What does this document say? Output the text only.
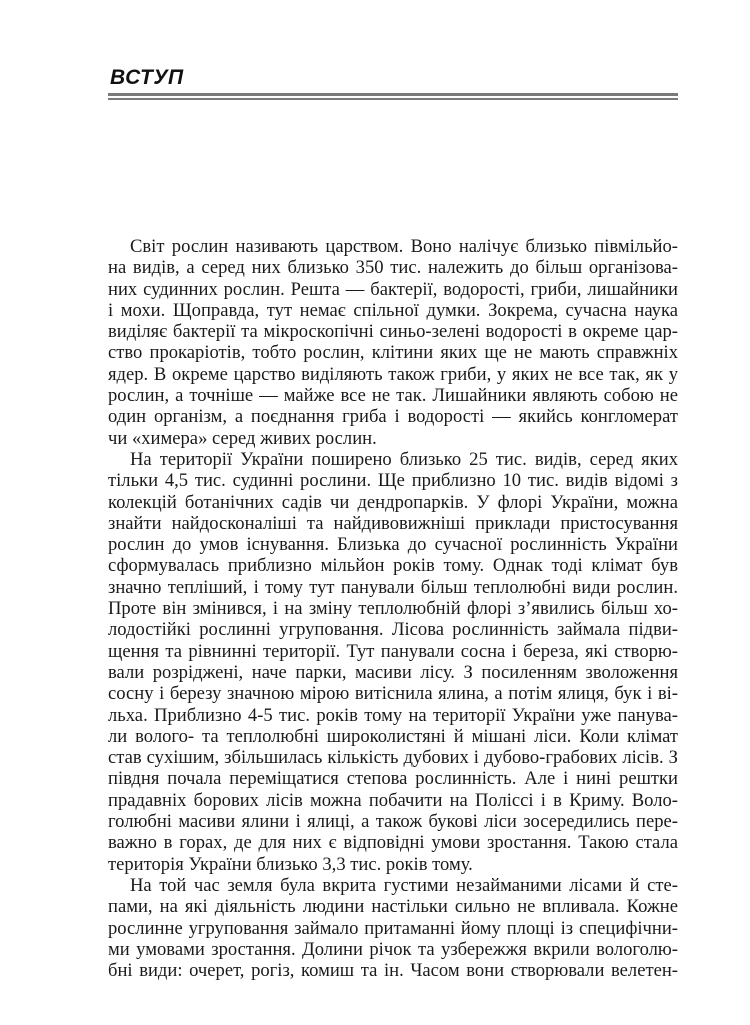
ВСТУП
Світ рослин називають царством. Воно налічує близько півмільйо-
на видів, а серед них близько 350 тис. належить до більш організова-
них судинних рослин. Решта — бактерії, водорості, гриби, лишайники
і мохи. Щоправда, тут немає спільної думки. Зокрема, сучасна наука
виділяє бактерії та мікроскопічні синьо-зелені водорості в окреме цар-
ство прокаріотів, тобто рослин, клітини яких ще не мають справжніх
ядер. В окреме царство виділяють також гриби, у яких не все так, як у
рослин, а точніше — майже все не так. Лишайники являють собою не
один організм, а поєднання гриба і водорості — якийсь конгломерат
чи «химера» серед живих рослин.
На території України поширено близько 25 тис. видів, серед яких
тільки 4,5 тис. судинні рослини. Ще приблизно 10 тис. видів відомі з
колекцій ботанічних садів чи дендропарків. У флорі України, можна
знайти найдосконаліші та найдивовижніші приклади пристосування
рослин до умов існування. Близька до сучасної рослинність України
сформувалась приблизно мільйон років тому. Однак тоді клімат був
значно тепліший, і тому тут панували більш теплолюбні види рослин.
Проте він змінився, і на зміну теплолюбній флорі з’явились більш хо-
лодостійкі рослинні угруповання. Лісова рослинність займала підви-
щення та рівнинні території. Тут панували сосна і береза, які створю-
вали розріджені, наче парки, масиви лісу. З посиленням зволоження
сосну і березу значною мірою витіснила ялина, а потім ялиця, бук і ві-
льха. Приблизно 4-5 тис. років тому на території України уже панува-
ли волого- та теплолюбні широколистяні й мішані ліси. Коли клімат
став сухішим, збільшилась кількість дубових і дубово-грабових лісів. З
півдня почала переміщатися степова рослинність. Але і нині рештки
прадавніх борових лісів можна побачити на Поліссі і в Криму. Воло-
голюбні масиви ялини і ялиці, а також букові ліси зосередились пере-
важно в горах, де для них є відповідні умови зростання. Такою стала
територія України близько 3,3 тис. років тому.
На той час земля була вкрита густими незайманими лісами й сте-
пами, на які діяльність людини настільки сильно не впливала. Кожне
рослинне угруповання займало притаманні йому площі із специфічни-
ми умовами зростання. Долини річок та узбережжя вкрили вологолю-
бні види: очерет, рогіз, комиш та ін. Часом вони створювали велетен-
